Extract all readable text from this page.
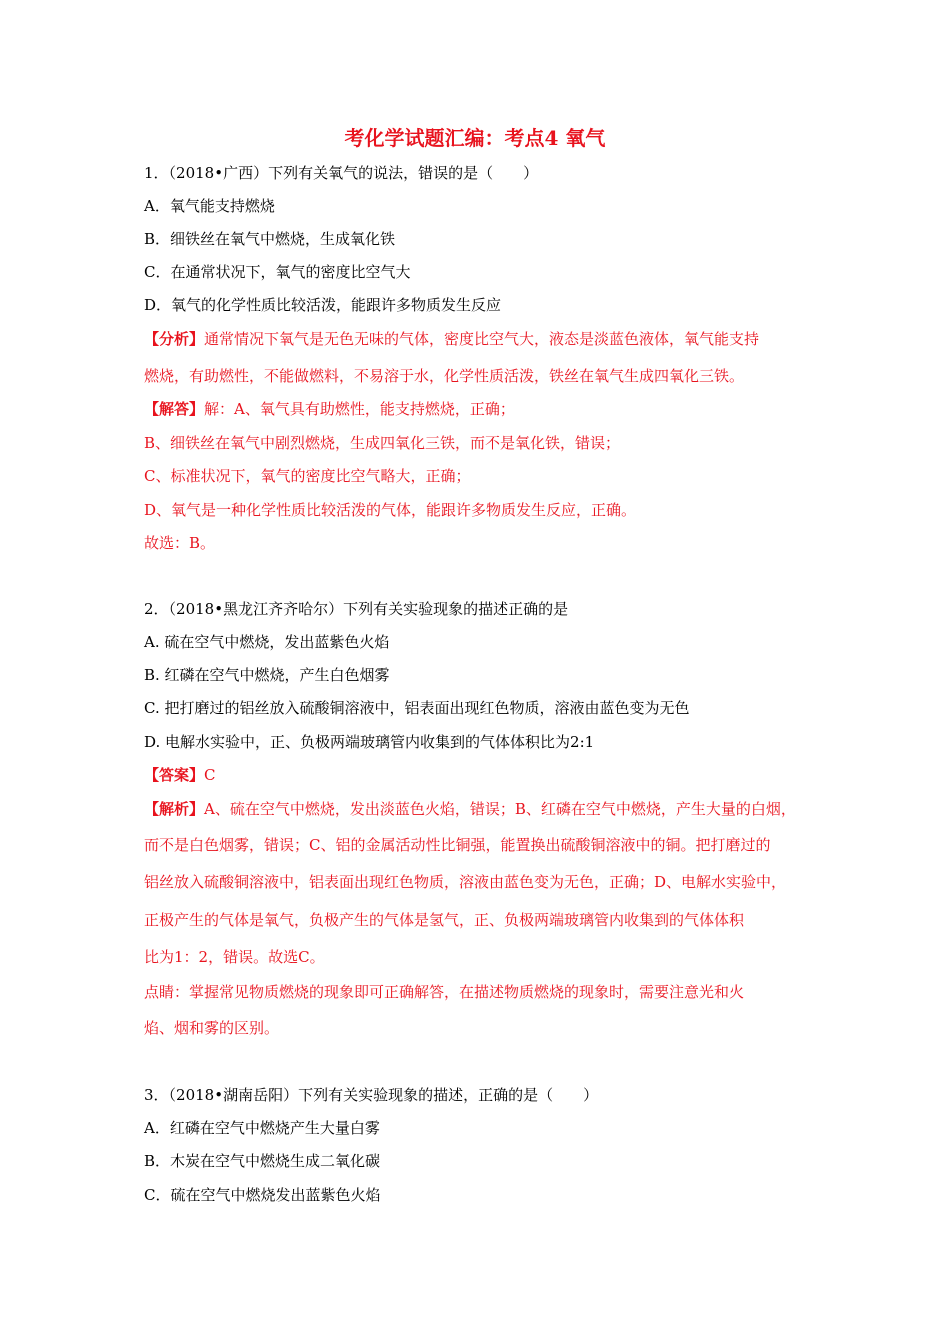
考化学试题汇编：考点4 氧气
1．（2018•广西）下列有关氧气的说法，错误的是（　　）
A．氧气能支持燃烧
B．细铁丝在氧气中燃烧，生成氧化铁
C．在通常状况下，氧气的密度比空气大
D．氧气的化学性质比较活泼，能跟许多物质发生反应
【分析】通常情况下氧气是无色无味的气体，密度比空气大，液态是淡蓝色液体，氧气能支持
燃烧，有助燃性，不能做燃料，不易溶于水，化学性质活泼，铁丝在氧气生成四氧化三铁。
【解答】解：A、氧气具有助燃性，能支持燃烧，正确；
B、细铁丝在氧气中剧烈燃烧，生成四氧化三铁，而不是氧化铁，错误；
C、标准状况下，氧气的密度比空气略大，正确；
D、氧气是一种化学性质比较活泼的气体，能跟许多物质发生反应，正确。
故选：B。
2．（2018•黑龙江齐齐哈尔）下列有关实验现象的描述正确的是
A. 硫在空气中燃烧，发出蓝紫色火焰
B. 红磷在空气中燃烧，产生白色烟雾
C. 把打磨过的铝丝放入硫酸铜溶液中，铝表面出现红色物质，溶液由蓝色变为无色
D. 电解水实验中，正、负极两端玻璃管内收集到的气体体积比为2:1
【答案】C
【解析】A、硫在空气中燃烧，发出淡蓝色火焰，错误；B、红磷在空气中燃烧，产生大量的白烟，
而不是白色烟雾，错误；C、铝的金属活动性比铜强，能置换出硫酸铜溶液中的铜。把打磨过的
铝丝放入硫酸铜溶液中，铝表面出现红色物质，溶液由蓝色变为无色，正确；D、电解水实验中，
正极产生的气体是氧气，负极产生的气体是氢气，正、负极两端玻璃管内收集到的气体体积
比为1：2，错误。故选C。
点睛：掌握常见物质燃烧的现象即可正确解答，在描述物质燃烧的现象时，需要注意光和火
焰、烟和雾的区别。
3．（2018•湖南岳阳）下列有关实验现象的描述，正确的是（　　）
A．红磷在空气中燃烧产生大量白雾
B．木炭在空气中燃烧生成二氧化碳
C．硫在空气中燃烧发出蓝紫色火焰
